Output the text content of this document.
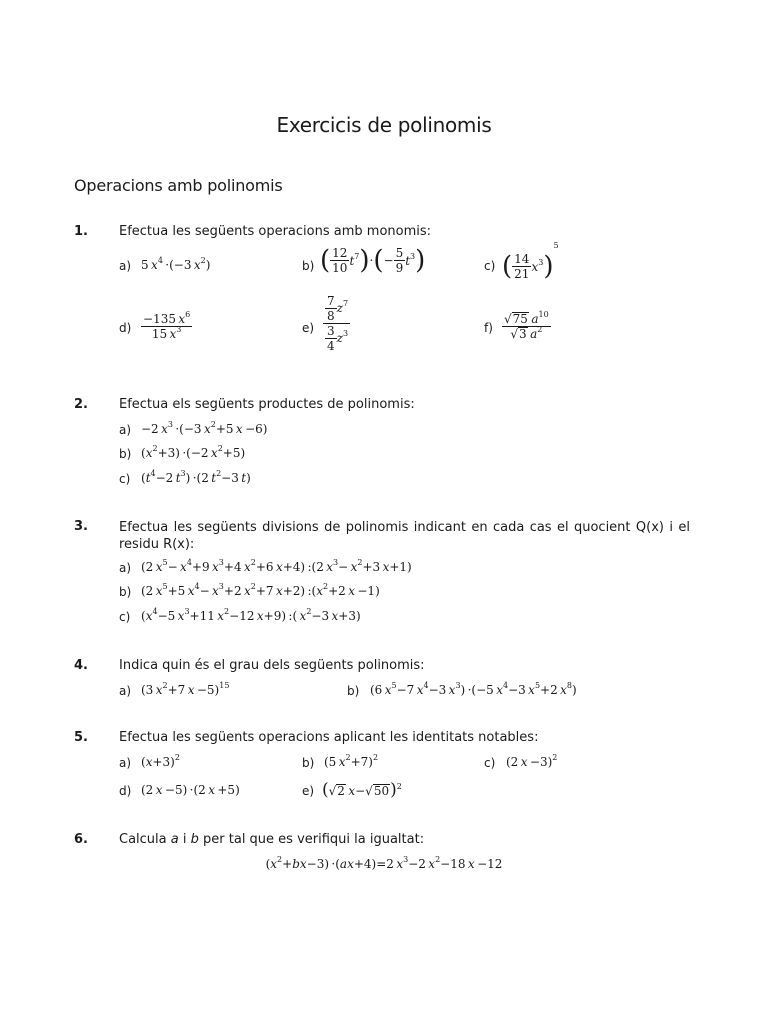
Exercicis de polinomis
Operacions amb polinomis
1. Efectua les següents operacions amb monomis:
a) 5 $x^4 \cdot(-3$ $x^2$)	b) ( $\frac{12}{10} t^7)\cdot(- \frac{5}{9} t^3)$	c) ( $\frac{14}{21} x^3)^5$
$d) \frac{-135 x^6}{15 x^3}$	$e) \frac{\frac{7}{8} z^7}{\frac{3}{4} z^3}$	$f) \frac{√75 a^{10}}{√3 a^2}$
2. Efectua els següents productes de polinomis:
a) −2 $x^3 \cdot(-3$ $x^2+5$ x −6)
b) $(x^2+3) \cdot(-2$ $x^2+5$)
c) ($t^4-2$ $t^3) \cdot(2$ $t^2-3$ t)
3. Efectua les següents divisions de polinomis indicant en cada cas el quocient Q(x) i el residu R(x):
a) (2 $x^5- x^4+9$ $x^3+4$ $x^2+6$ x+4) :(2 $x^3- x^2+3$ x+1)
b) (2 $x^5+5$ $x^4- x^3+2$ $x^2+7$ x+2) $:(x^2+2$ x −1)
c) ($x^4-5$ $x^3+11$ $x^2-12$ x+9) :( $x^2-3$ x+3)
4. Indica quin és el grau dels següents polinomis:
a) (3 $x^2+7$ x −5)$^{15}$	b) (6 $x^5-7$ $x^4-3$ $x^3) \cdot(-5$ $x^4-3$ $x^5+2$ $x^8$)
5. Efectua les següents operacions aplicant les identitats notables:
a) $(x+3)^2$	b) (5 $x^2+7)^2$	c) (2 x −3)$^2$
d) (2 x −5) ·(2 x +5)	e) (√2  x−√50)$^2$
6. Calcula a i b per tal que es verifiqui la igualtat:
$(x^2+bx-3) \cdot(ax+4)=2$ $x^3-2$ $x^2-18$ x −12
